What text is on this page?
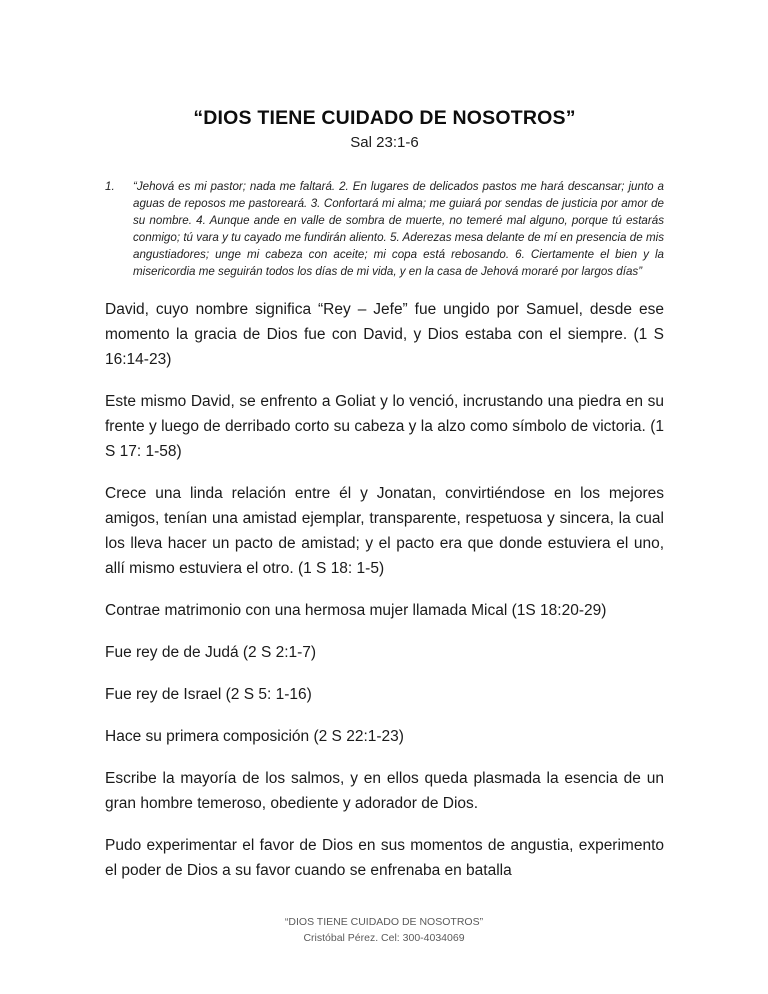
“DIOS TIENE CUIDADO DE NOSOTROS”
Sal 23:1-6
1.	“Jehová es mi pastor; nada me faltará. 2. En lugares de delicados pastos me hará descansar; junto a aguas de reposos me pastoreará. 3. Confortará mi alma; me guiará por sendas de justicia por amor de su nombre. 4. Aunque ande en valle de sombra de muerte, no temeré mal alguno, porque tú estarás conmigo; tú vara y tu cayado me fundirán aliento. 5. Aderezas mesa delante de mí en presencia de mis angustiadores; unge mi cabeza con aceite; mi copa está rebosando. 6. Ciertamente el bien y la misericordia me seguirán todos los días de mi vida, y en la casa de Jehová moraré por largos días”

David, cuyo nombre significa “Rey – Jefe” fue ungido por Samuel, desde ese momento la gracia de Dios fue con David, y Dios estaba con el siempre. (1 S 16:14-23)

Este mismo David, se enfrento a Goliat y lo venció, incrustando una piedra en su frente y luego de derribado corto su cabeza y la alzo como símbolo de victoria. (1 S 17: 1-58)

Crece una linda relación entre él y Jonatan, convirtiéndose en los mejores amigos, tenían una amistad ejemplar, transparente, respetuosa y sincera, la cual los lleva hacer un pacto de amistad; y el pacto era que donde estuviera el uno, allí mismo estuviera el otro. (1 S 18: 1-5)

Contrae matrimonio con una hermosa mujer llamada Mical (1S 18:20-29)

Fue rey de de Judá (2 S 2:1-7)

Fue rey de Israel (2 S 5: 1-16)

Hace su primera composición (2 S 22:1-23)

Escribe la mayoría de los salmos, y en ellos queda plasmada la esencia de un gran hombre temeroso, obediente y adorador de Dios.

Pudo experimentar el favor de Dios en sus momentos de angustia, experimento el poder de Dios a su favor cuando se enfrenaba en batalla

“DIOS TIENE CUIDADO DE NOSOTROS”
Cristóbal Pérez. Cel: 300-4034069
